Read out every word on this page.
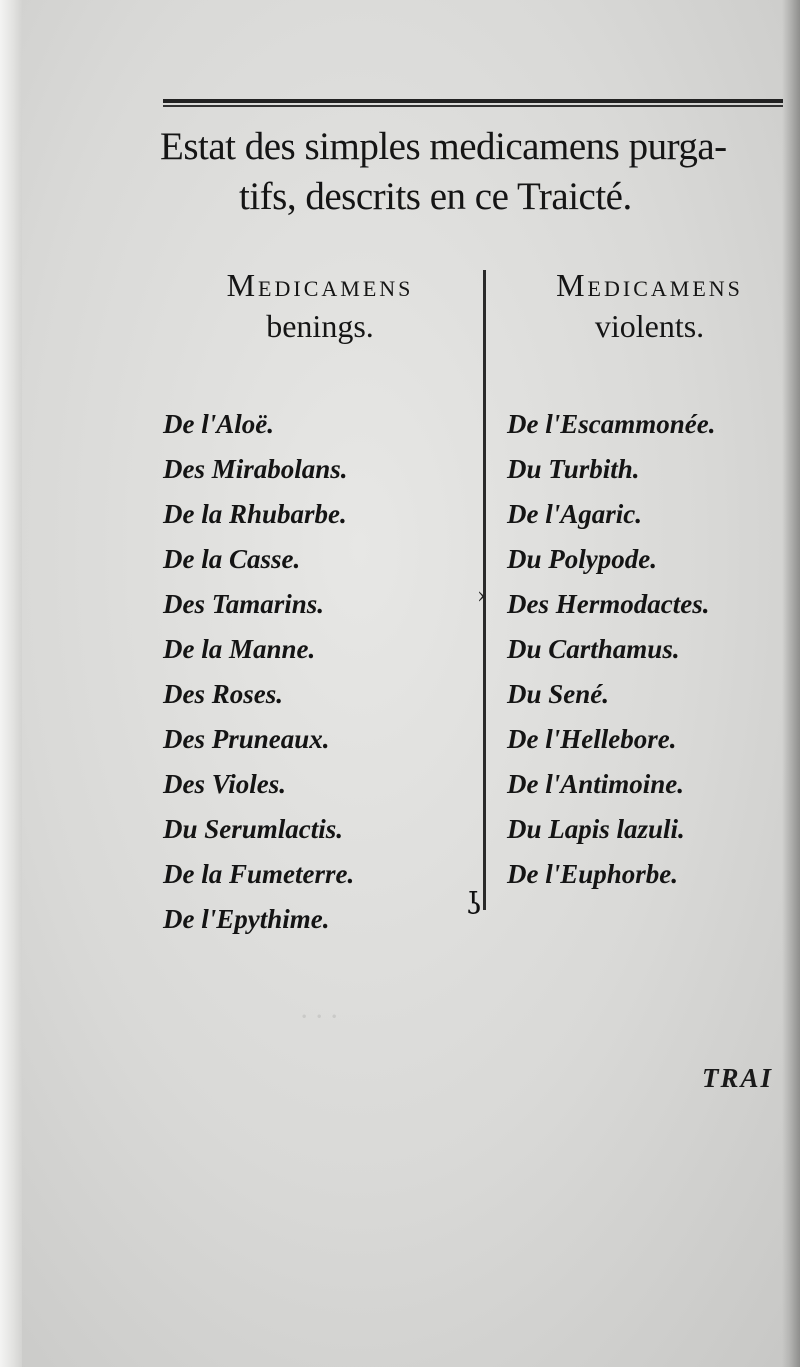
· · ·
Estat des simples medicamens purga-
tifs, descrits en ce Traicté.
Medicamens
benings.
Medicamens
violents.
›
ʖ
De l'Aloë.
Des Mirabolans.
De la Rhubarbe.
De la Casse.
Des Tamarins.
De la Manne.
Des Roses.
Des Pruneaux.
Des Violes.
Du Serumlactis.
De la Fumeterre.
De l'Epythime.
De l'Escammonée.
Du Turbith.
De l'Agaric.
Du Polypode.
Des Hermodactes.
Du Carthamus.
Du Sené.
De l'Hellebore.
De l'Antimoine.
Du Lapis lazuli.
De l'Euphorbe.
TRAI
